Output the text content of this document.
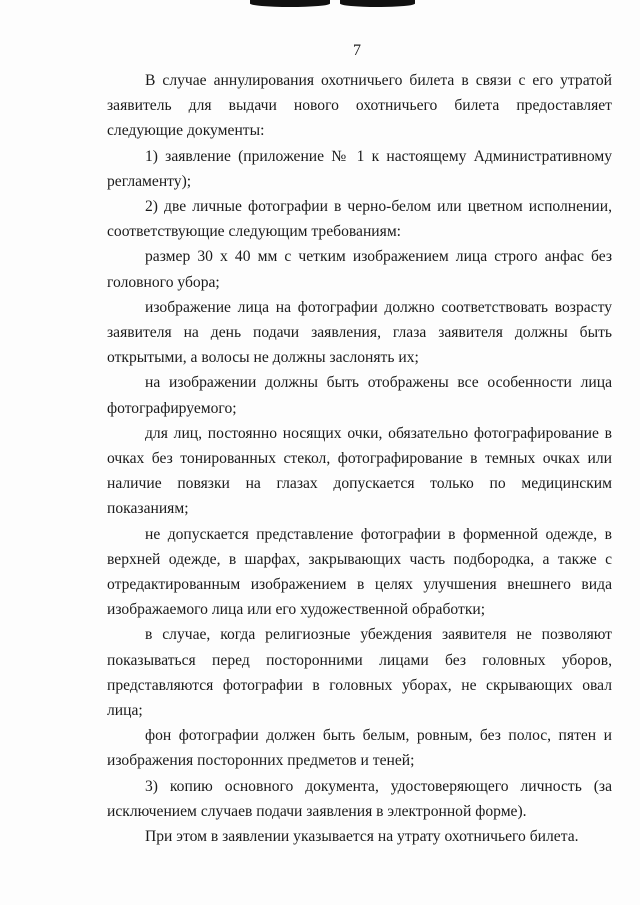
7

В случае аннулирования охотничьего билета в связи с его утратой заявитель для выдачи нового охотничьего билета предоставляет следующие документы:

1) заявление (приложение № 1 к настоящему Административному регламенту);

2) две личные фотографии в черно-белом или цветном исполнении, соответствующие следующим требованиям:

размер 30 х 40 мм с четким изображением лица строго анфас без головного убора;

изображение лица на фотографии должно соответствовать возрасту заявителя на день подачи заявления, глаза заявителя должны быть открытыми, а волосы не должны заслонять их;

на изображении должны быть отображены все особенности лица фотографируемого;

для лиц, постоянно носящих очки, обязательно фотографирование в очках без тонированных стекол, фотографирование в темных очках или наличие повязки на глазах допускается только по медицинским показаниям;

не допускается представление фотографии в форменной одежде, в верхней одежде, в шарфах, закрывающих часть подбородка, а также с отредактированным изображением в целях улучшения внешнего вида изображаемого лица или его художественной обработки;

в случае, когда религиозные убеждения заявителя не позволяют показываться перед посторонними лицами без головных уборов, представляются фотографии в головных уборах, не скрывающих овал лица;

фон фотографии должен быть белым, ровным, без полос, пятен и изображения посторонних предметов и теней;

3) копию основного документа, удостоверяющего личность (за исключением случаев подачи заявления в электронной форме).

При этом в заявлении указывается на утрату охотничьего билета.
